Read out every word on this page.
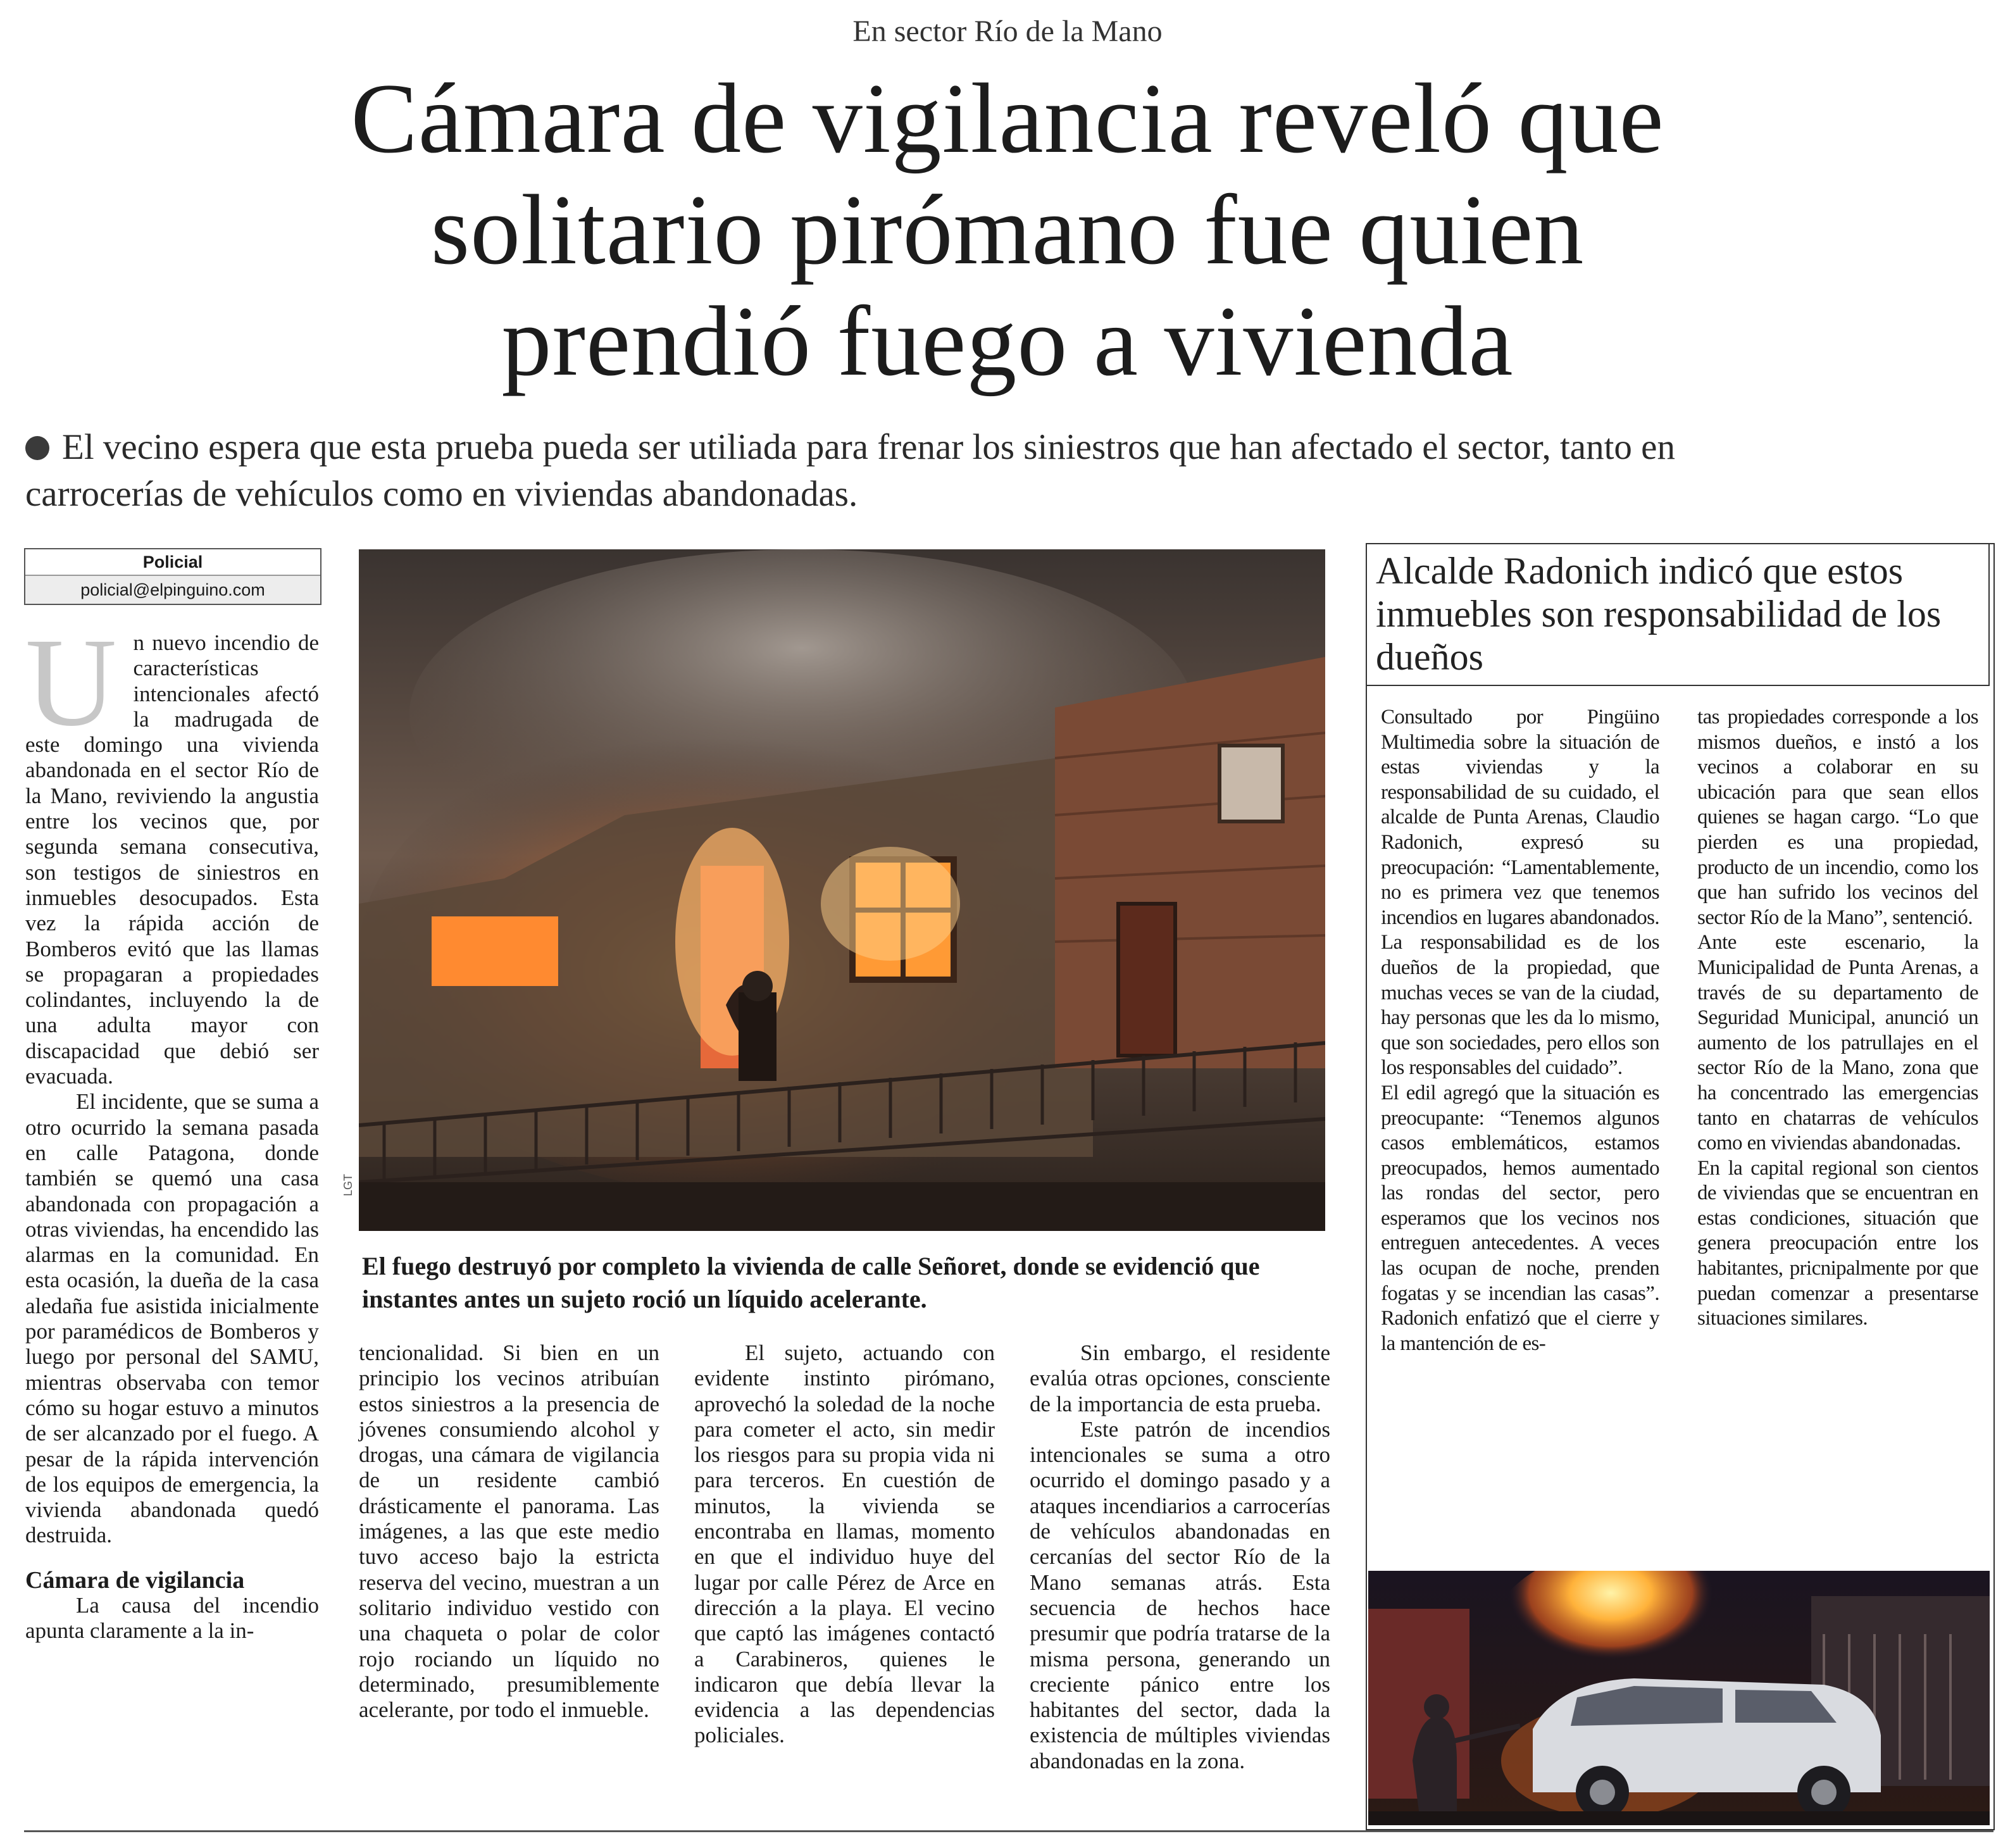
En sector Río de la Mano
Cámara de vigilancia reveló que
solitario pirómano fue quien
prendió fuego a vivienda
El vecino espera que esta prueba pueda ser utiliada para frenar los siniestros que han afectado el sector, tanto en
carrocerías de vehículos como en viviendas abandonadas.
Policial
policial@elpinguino.com

Un nuevo incendio de características intencionales afectó la madrugada de este domingo una vivienda abandonada en el sector Río de la Mano, reviviendo la angustia entre los vecinos que, por segunda semana consecutiva, son testigos de siniestros en inmuebles desocupados. Esta vez la rápida acción de Bomberos evitó que las llamas se propagaran a propiedades colindantes, incluyendo la de una adulta mayor con discapacidad que debió ser evacuada.

El incidente, que se suma a otro ocurrido la semana pasada en calle Patagona, donde también se quemó una casa abandonada con propagación a otras viviendas, ha encendido las alarmas en la comunidad. En esta ocasión, la dueña de la casa aledaña fue asistida inicialmente por paramédicos de Bomberos y luego por personal del SAMU, mientras observaba con temor cómo su hogar estuvo a minutos de ser alcanzado por el fuego. A pesar de la rápida intervención de los equipos de emergencia, la vivienda abandonada quedó destruida.

Cámara de vigilancia

La causa del incendio apunta claramente a la in-

LGT
El fuego destruyó por completo la vivienda de calle Señoret, donde se evidenció que instantes antes un sujeto roció un líquido acelerante.

tencionalidad. Si bien en un principio los vecinos atribuían estos siniestros a la presencia de jóvenes consumiendo alcohol y drogas, una cámara de vigilancia de un residente cambió drásticamente el panorama. Las imágenes, a las que este medio tuvo acceso bajo la estricta reserva del vecino, muestran a un solitario individuo vestido con una chaqueta o polar de color rojo rociando un líquido no determinado, presumiblemente acelerante, por todo el inmueble.

El sujeto, actuando con evidente instinto pirómano, aprovechó la soledad de la noche para cometer el acto, sin medir los riesgos para su propia vida ni para terceros. En cuestión de minutos, la vivienda se encontraba en llamas, momento en que el individuo huye del lugar por calle Pérez de Arce en dirección a la playa. El vecino que captó las imágenes contactó a Carabineros, quienes le indicaron que debía llevar la evidencia a las dependencias policiales.

Sin embargo, el residente evalúa otras opciones, consciente de la importancia de esta prueba.

Este patrón de incendios intencionales se suma a otro ocurrido el domingo pasado y a ataques incendiarios a carrocerías de vehículos abandonadas en cercanías del sector Río de la Mano semanas atrás. Esta secuencia de hechos hace presumir que podría tratarse de la misma persona, generando un creciente pánico entre los habitantes del sector, dada la existencia de múltiples viviendas abandonadas en la zona.

Alcalde Radonich indicó que estos inmuebles son responsabilidad de los dueños

Consultado por Pingüino Multimedia sobre la situación de estas viviendas y la responsabilidad de su cuidado, el alcalde de Punta Arenas, Claudio Radonich, expresó su preocupación: “Lamentablemente, no es primera vez que tenemos incendios en lugares abandonados. La responsabilidad es de los dueños de la propiedad, que muchas veces se van de la ciudad, hay personas que les da lo mismo, que son sociedades, pero ellos son los responsables del cuidado”.

El edil agregó que la situación es preocupante: “Tenemos algunos casos emblemáticos, estamos preocupados, hemos aumentado las rondas del sector, pero esperamos que los vecinos nos entreguen antecedentes. A veces las ocupan de noche, prenden fogatas y se incendian las casas”. Radonich enfatizó que el cierre y la mantención de es-

tas propiedades corresponde a los mismos dueños, e instó a los vecinos a colaborar en su ubicación para que sean ellos quienes se hagan cargo. “Lo que pierden es una propiedad, producto de un incendio, como los que han sufrido los vecinos del sector Río de la Mano”, sentenció.

Ante este escenario, la Municipalidad de Punta Arenas, a través de su departamento de Seguridad Municipal, anunció un aumento de los patrullajes en el sector Río de la Mano, zona que ha concentrado las emergencias tanto en chatarras de vehículos como en viviendas abandonadas.

En la capital regional son cientos de viviendas que se encuentran en estas condiciones, situación que genera preocupación entre los habitantes, pricnipalmente por que puedan comenzar a presentarse situaciones similares.
